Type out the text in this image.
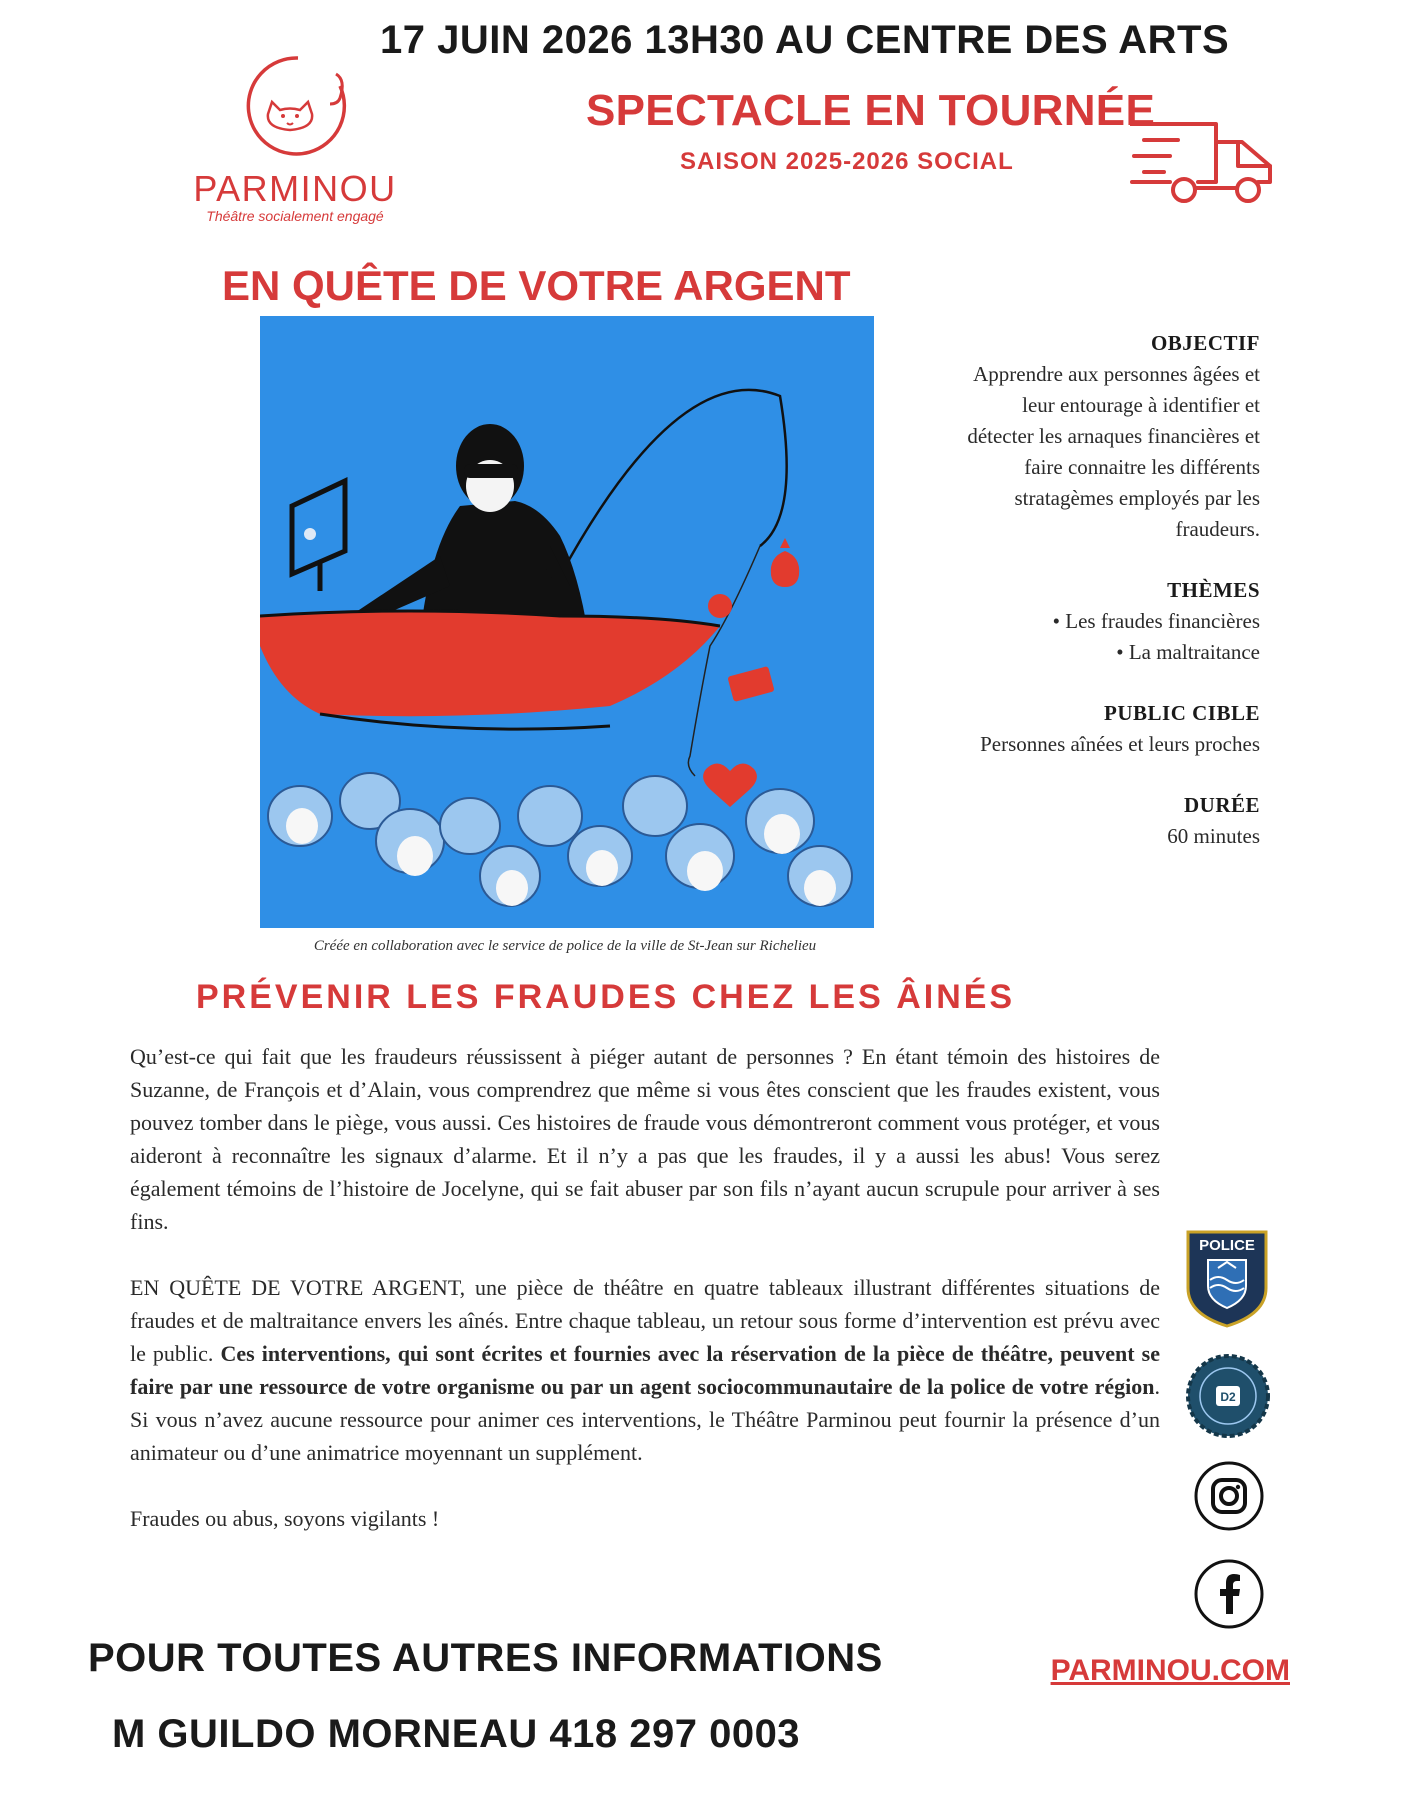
17 JUIN 2026 13H30 AU CENTRE DES ARTS
PARMINOU
Théâtre socialement engagé
SPECTACLE EN TOURNÉE
SAISON 2025-2026 SOCIAL
EN QUÊTE DE VOTRE ARGENT
Créée en collaboration avec le service de police de la ville de St-Jean sur Richelieu

OBJECTIF

Apprendre aux personnes âgées et leur entourage à identifier et détecter les arnaques financières et faire connaitre les différents stratagèmes employés par les fraudeurs.

THÈMES

• Les fraudes financières

• La maltraitance

PUBLIC CIBLE

Personnes aînées et leurs proches

DURÉE

60 minutes

PRÉVENIR LES FRAUDES CHEZ LES ÂINÉS

Qu’est-ce qui fait que les fraudeurs réussissent à piéger autant de personnes ? En étant témoin des histoires de Suzanne, de François et d’Alain, vous comprendrez que même si vous êtes conscient que les fraudes existent, vous pouvez tomber dans le piège, vous aussi. Ces histoires de fraude vous démontreront comment vous protéger, et vous aideront à reconnaître les signaux d’alarme. Et il n’y a pas que les fraudes, il y a aussi les abus! Vous serez également témoins de l’histoire de Jocelyne, qui se fait abuser par son fils n’ayant aucun scrupule pour arriver à ses fins.

EN QUÊTE DE VOTRE ARGENT, une pièce de théâtre en quatre tableaux illustrant différentes situations de fraudes et de maltraitance envers les aînés. Entre chaque tableau, un retour sous forme d’intervention est prévu avec le public. Ces interventions, qui sont écrites et fournies avec la réservation de la pièce de théâtre, peuvent se faire par une ressource de votre organisme ou par un agent sociocommunautaire de la police de votre région. Si vous n’avez aucune ressource pour animer ces interventions, le Théâtre Parminou peut fournir la présence d’un animateur ou d’une animatrice moyennant un supplément.

Fraudes ou abus, soyons vigilants !

POLICE
D2
POUR TOUTES AUTRES INFORMATIONS	PARMINOU.COM
M GUILDO MORNEAU 418 297 0003
